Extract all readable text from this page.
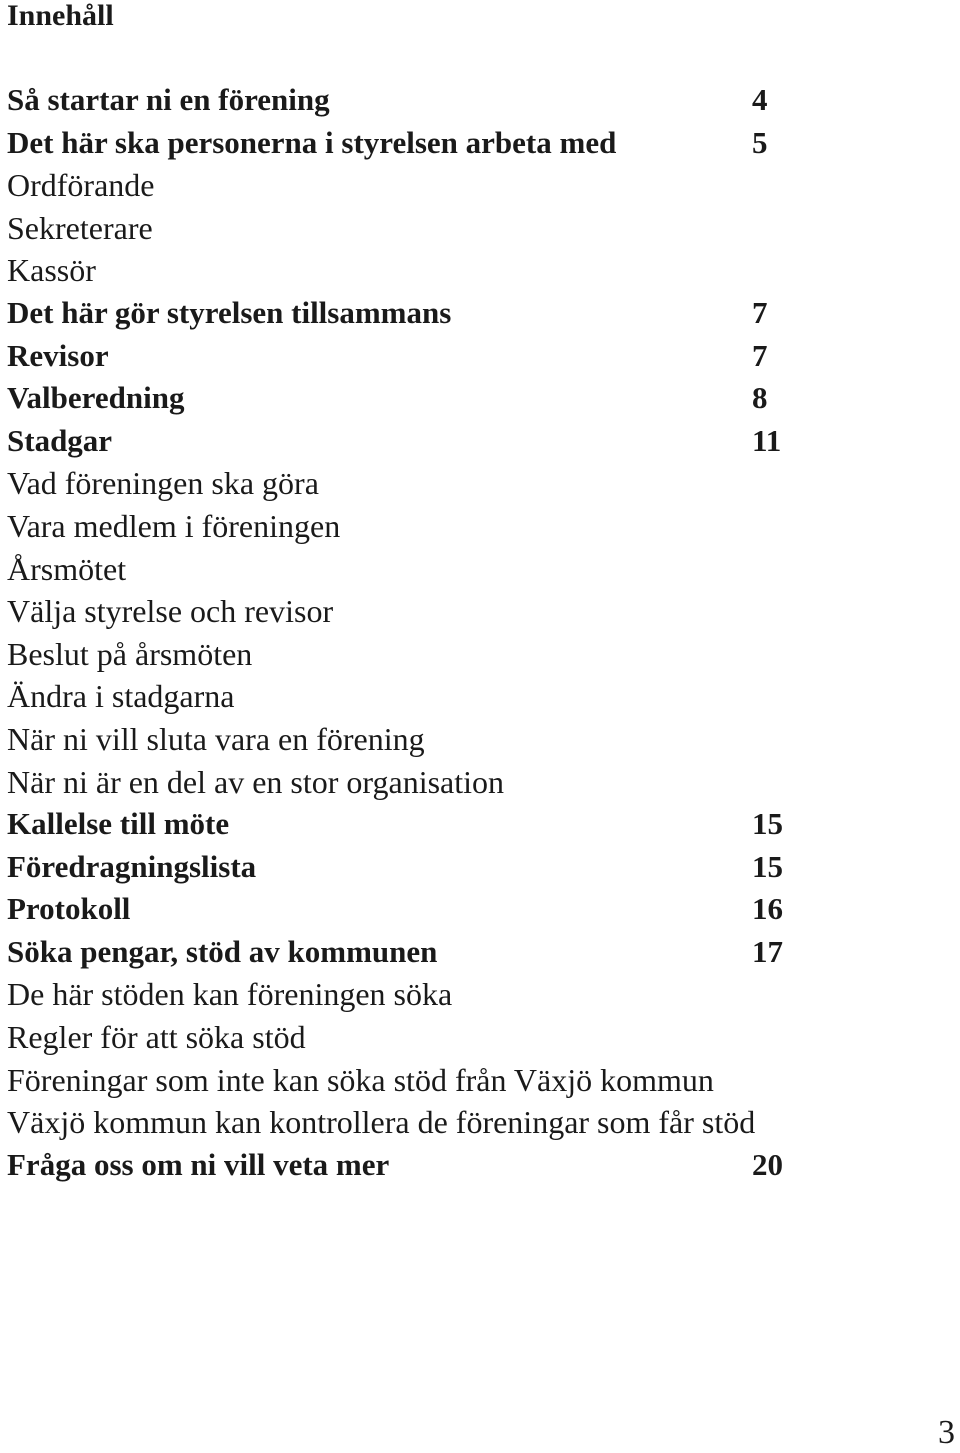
Innehåll
Så startar ni en förening	4
Det här ska personerna i styrelsen arbeta med	5
Ordförande
Sekreterare
Kassör
Det här gör styrelsen tillsammans	7
Revisor	7
Valberedning	8
Stadgar	11
Vad föreningen ska göra
Vara medlem i föreningen
Årsmötet
Välja styrelse och revisor
Beslut på årsmöten
Ändra i stadgarna
När ni vill sluta vara en förening
När ni är en del av en stor organisation
Kallelse till möte	15
Föredragningslista	15
Protokoll	16
Söka pengar, stöd av kommunen	17
De här stöden kan föreningen söka
Regler för att söka stöd
Föreningar som inte kan söka stöd från Växjö kommun
Växjö kommun kan kontrollera de föreningar som får stöd
Fråga oss om ni vill veta mer	20
3
